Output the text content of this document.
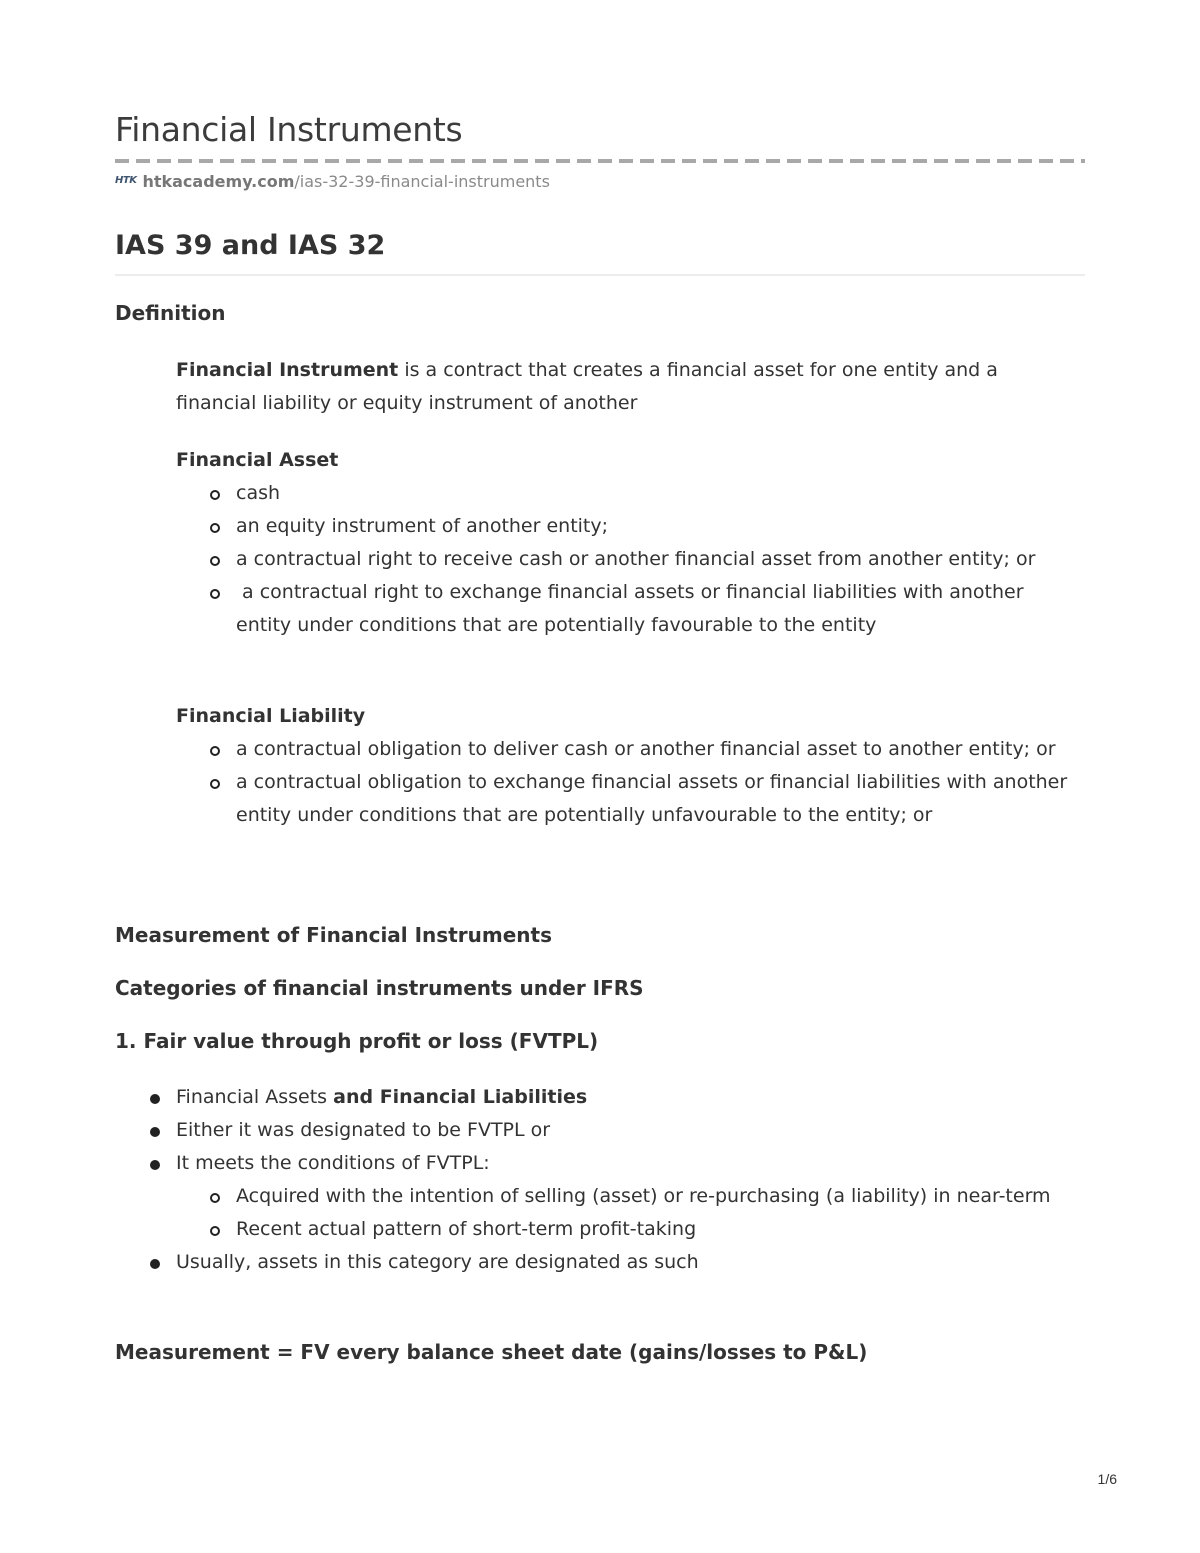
Financial Instruments
HTK htkacademy.com/ias-32-39-financial-instruments
IAS 39 and IAS 32
Definition

Financial Instrument is a contract that creates a financial asset for one entity and a financial liability or equity instrument of another

Financial Asset
cash
an equity instrument of another entity;
a contractual right to receive cash or another financial asset from another entity; or
a contractual right to exchange financial assets or financial liabilities with another entity under conditions that are potentially favourable to the entity
Financial Liability
a contractual obligation to deliver cash or another financial asset to another entity; or
a contractual obligation to exchange financial assets or financial liabilities with another entity under conditions that are potentially unfavourable to the entity; or
Measurement of Financial Instruments
Categories of financial instruments under IFRS
1. Fair value through profit or loss (FVTPL)
Financial Assets and Financial Liabilities
Either it was designated to be FVTPL or
It meets the conditions of FVTPL:
Acquired with the intention of selling (asset) or re-purchasing (a liability) in near-term
Recent actual pattern of short-term profit-taking
Usually, assets in this category are designated as such
Measurement = FV every balance sheet date (gains/losses to P&L)
1/6
